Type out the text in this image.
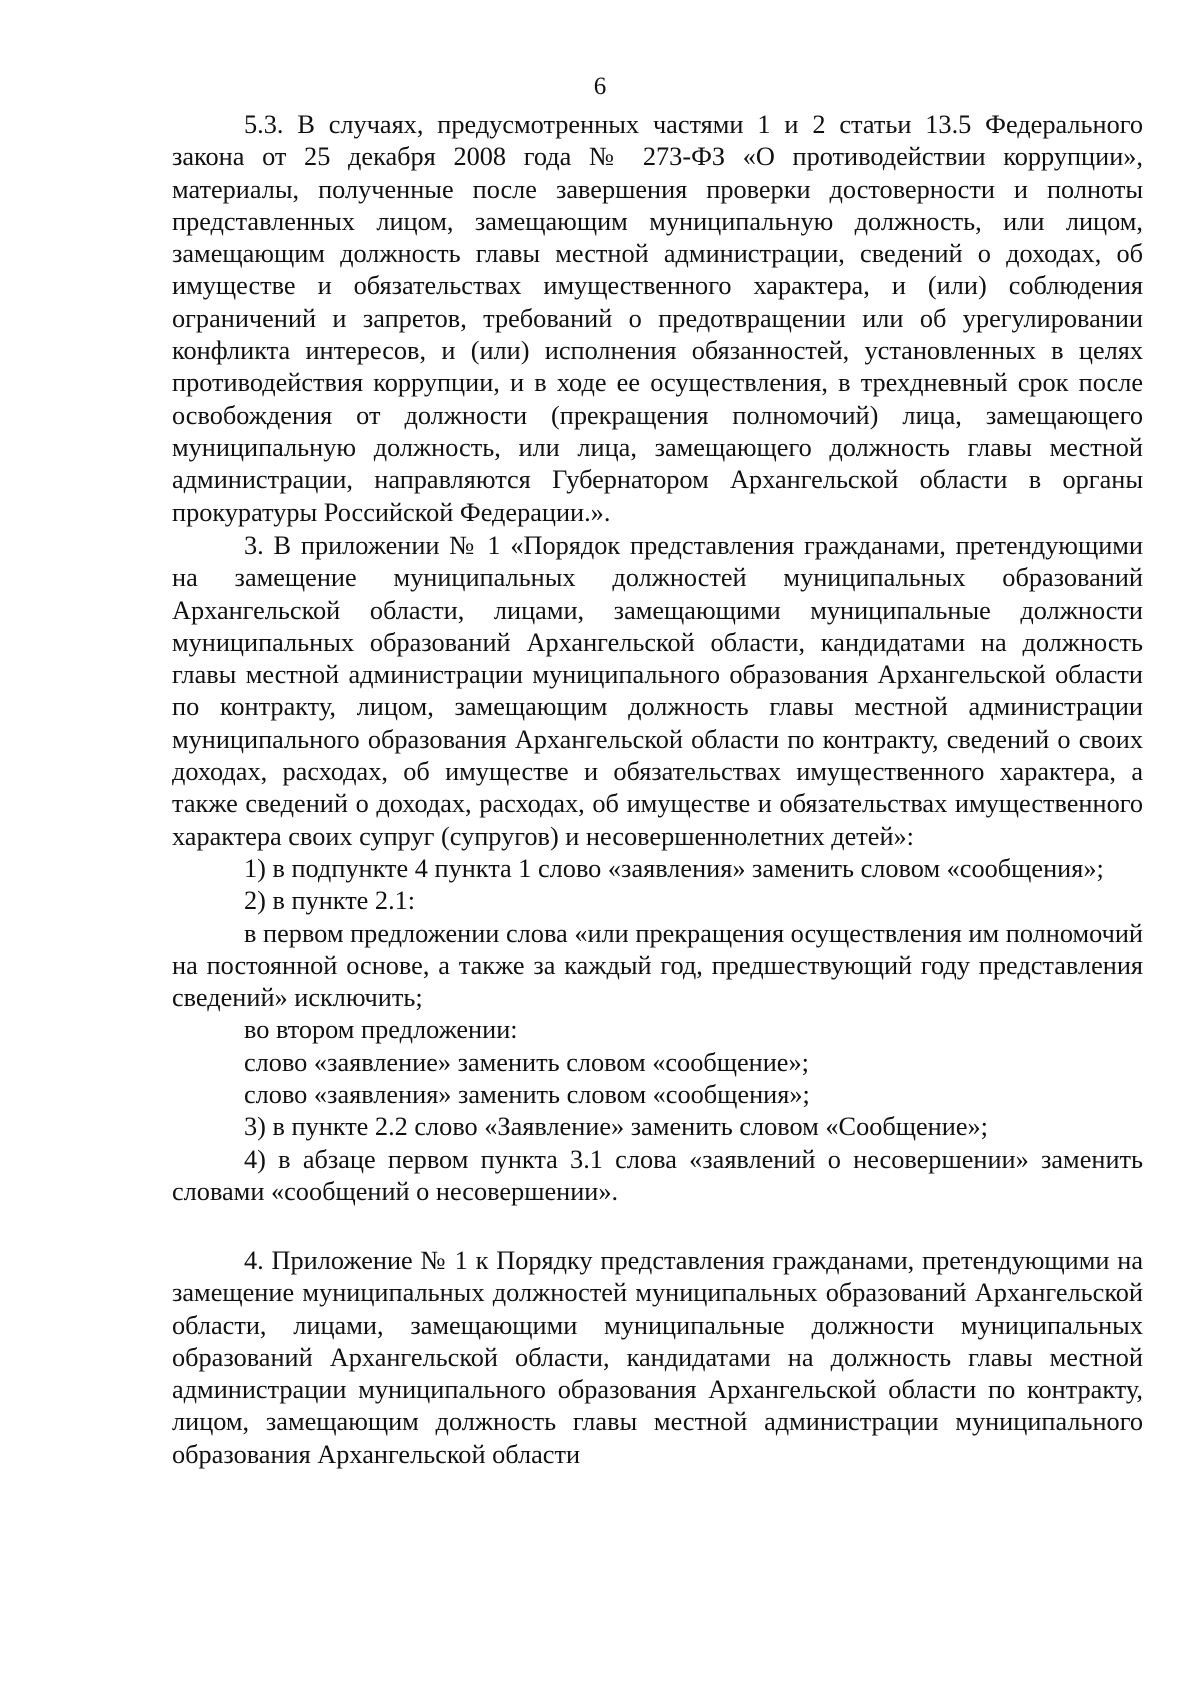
6

5.3. В случаях, предусмотренных частями 1 и 2 статьи 13.5 Федерального закона от 25 декабря 2008 года № 273-ФЗ «О противодействии коррупции», материалы, полученные после завершения проверки достоверности и полноты представленных лицом, замещающим муниципальную должность, или лицом, замещающим должность главы местной администрации, сведений о доходах, об имуществе и обязательствах имущественного характера, и (или) соблюдения ограничений и запретов, требований о предотвращении или об урегулировании конфликта интересов, и (или) исполнения обязанностей, установленных в целях противодействия коррупции, и в ходе ее осуществления, в трехдневный срок после освобождения от должности (прекращения полномочий) лица, замещающего муниципальную должность, или лица, замещающего должность главы местной администрации, направляются Губернатором Архангельской области в органы прокуратуры Российской Федерации.».

3. В приложении № 1 «Порядок представления гражданами, претендующими на замещение муниципальных должностей муниципальных образований Архангельской области, лицами, замещающими муниципальные должности муниципальных образований Архангельской области, кандидатами на должность главы местной администрации муниципального образования Архангельской области по контракту, лицом, замещающим должность главы местной администрации муниципального образования Архангельской области по контракту, сведений о своих доходах, расходах, об имуществе и обязательствах имущественного характера, а также сведений о доходах, расходах, об имуществе и обязательствах имущественного характера своих супруг (супругов) и несовершеннолетних детей»:

1) в подпункте 4 пункта 1 слово «заявления» заменить словом «сообщения»;

2) в пункте 2.1:

в первом предложении слова «или прекращения осуществления им полномочий на постоянной основе, а также за каждый год, предшествующий году представления сведений» исключить;

во втором предложении:

слово «заявление» заменить словом «сообщение»;

слово «заявления» заменить словом «сообщения»;

3) в пункте 2.2 слово «Заявление» заменить словом «Сообщение»;

4) в абзаце первом пункта 3.1 слова «заявлений о несовершении» заменить словами «сообщений о несовершении».

4. Приложение № 1 к Порядку представления гражданами, претендующими на замещение муниципальных должностей муниципальных образований Архангельской области, лицами, замещающими муниципальные должности муниципальных образований Архангельской области, кандидатами на должность главы местной администрации муниципального образования Архангельской области по контракту, лицом, замещающим должность главы местной администрации муниципального образования Архангельской области
